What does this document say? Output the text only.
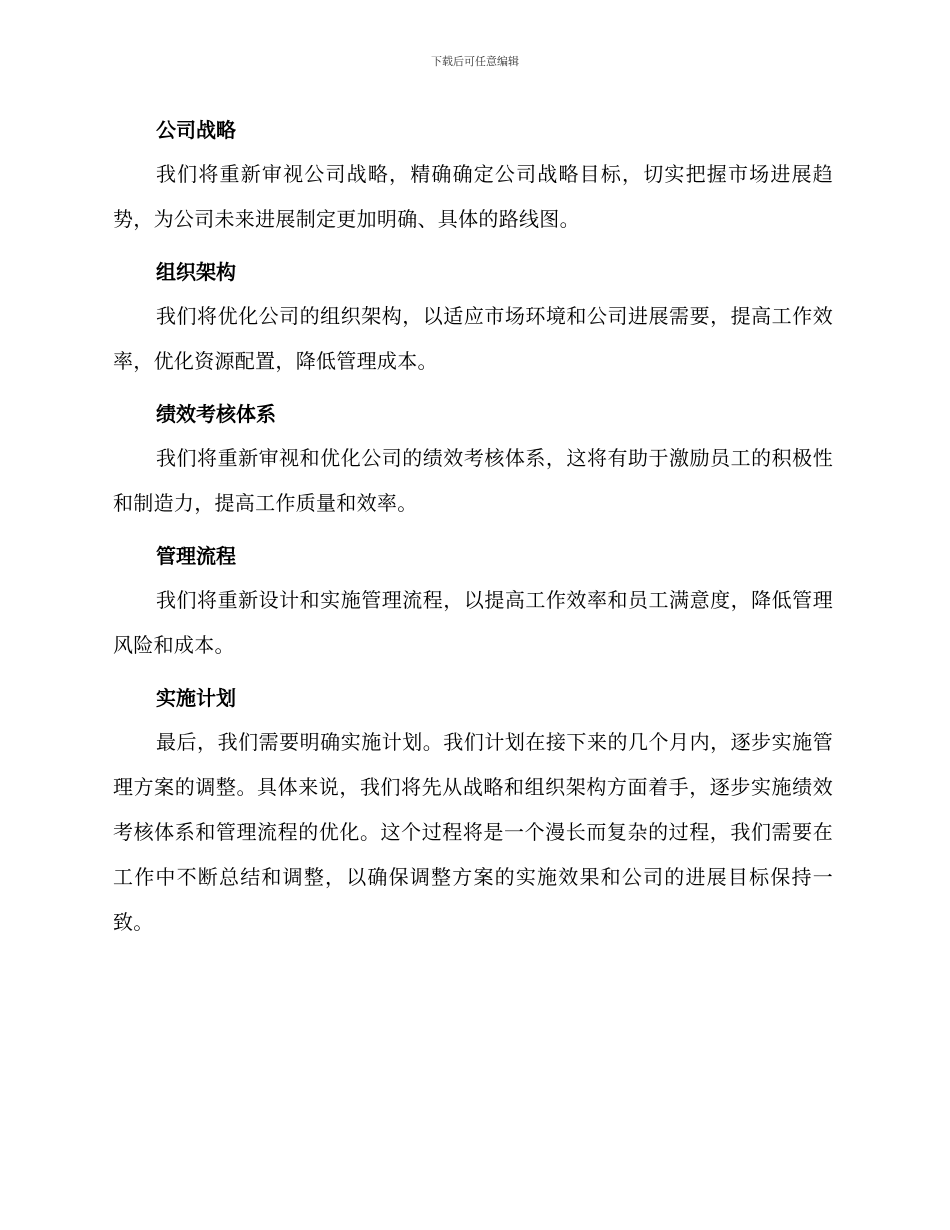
下载后可任意编辑
公司战略

我们将重新审视公司战略，精确确定公司战略目标，切实把握市场进展趋势，为公司未来进展制定更加明确、具体的路线图。

组织架构

我们将优化公司的组织架构，以适应市场环境和公司进展需要，提高工作效率，优化资源配置，降低管理成本。

绩效考核体系

我们将重新审视和优化公司的绩效考核体系，这将有助于激励员工的积极性和制造力，提高工作质量和效率。

管理流程

我们将重新设计和实施管理流程，以提高工作效率和员工满意度，降低管理风险和成本。

实施计划

最后，我们需要明确实施计划。我们计划在接下来的几个月内，逐步实施管理方案的调整。具体来说，我们将先从战略和组织架构方面着手，逐步实施绩效考核体系和管理流程的优化。这个过程将是一个漫长而复杂的过程，我们需要在工作中不断总结和调整，以确保调整方案的实施效果和公司的进展目标保持一致。
